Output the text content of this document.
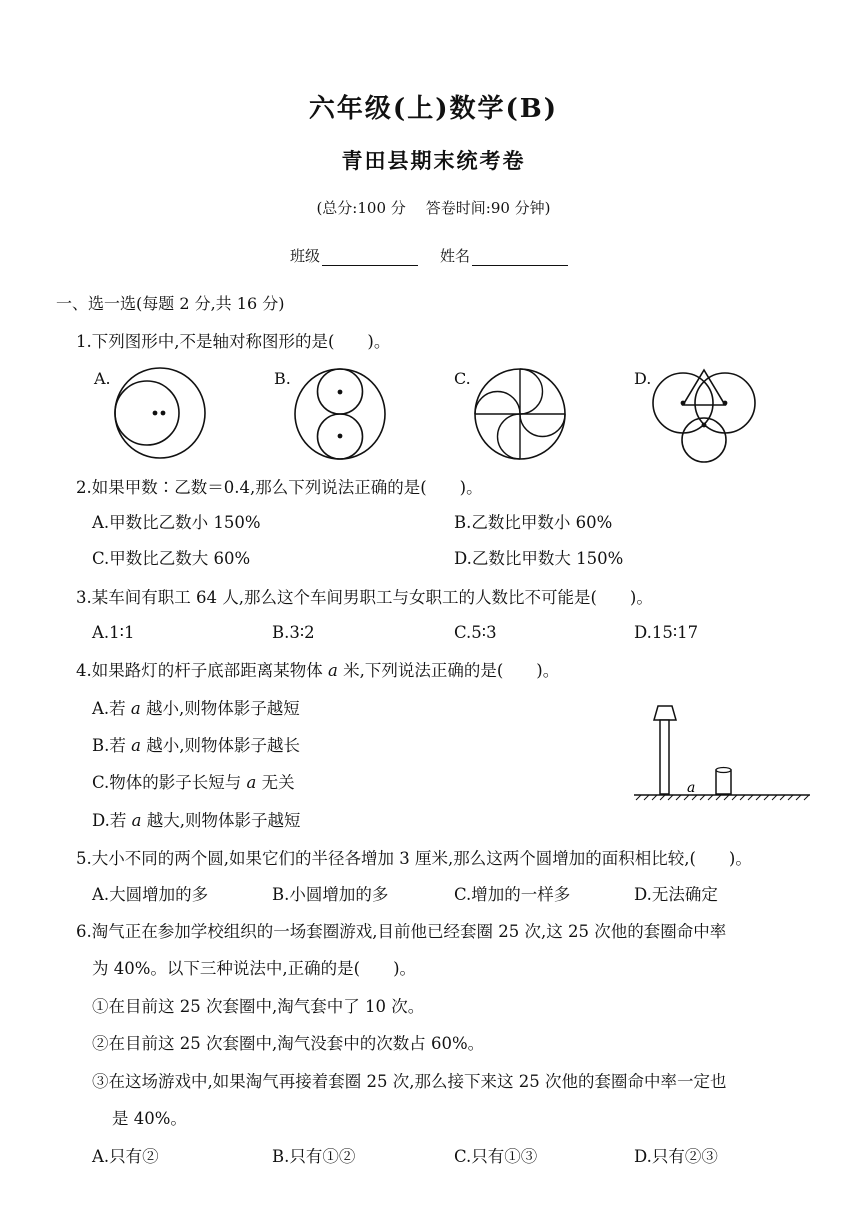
六年级(上)数学(B)
青田县期末统考卷
(总分:100 分 答卷时间:90 分钟)
班级	姓名
一、选一选(每题 2 分,共 16 分)
1.下列图形中,不是轴对称图形的是(　　)。
A.	B.	C.	D.
2.如果甲数∶乙数＝0.4,那么下列说法正确的是(　　)。
A.甲数比乙数小 150%	B.乙数比甲数小 60%
C.甲数比乙数大 60%	D.乙数比甲数大 150%
3.某车间有职工 64 人,那么这个车间男职工与女职工的人数比不可能是(　　)。
A.1∶1	B.3∶2	C.5∶3	D.15∶17
4.如果路灯的杆子底部距离某物体 a 米,下列说法正确的是(　　)。
A.若 a 越小,则物体影子越短
B.若 a 越小,则物体影子越长
C.物体的影子长短与 a 无关
D.若 a 越大,则物体影子越短
a
5.大小不同的两个圆,如果它们的半径各增加 3 厘米,那么这两个圆增加的面积相比较,(　　)。
A.大圆增加的多	B.小圆增加的多	C.增加的一样多	D.无法确定
6.淘气正在参加学校组织的一场套圈游戏,目前他已经套圈 25 次,这 25 次他的套圈命中率
为 40%。以下三种说法中,正确的是(　　)。
①在目前这 25 次套圈中,淘气套中了 10 次。
②在目前这 25 次套圈中,淘气没套中的次数占 60%。
③在这场游戏中,如果淘气再接着套圈 25 次,那么接下来这 25 次他的套圈命中率一定也
是 40%。
A.只有②	B.只有①②	C.只有①③	D.只有②③
